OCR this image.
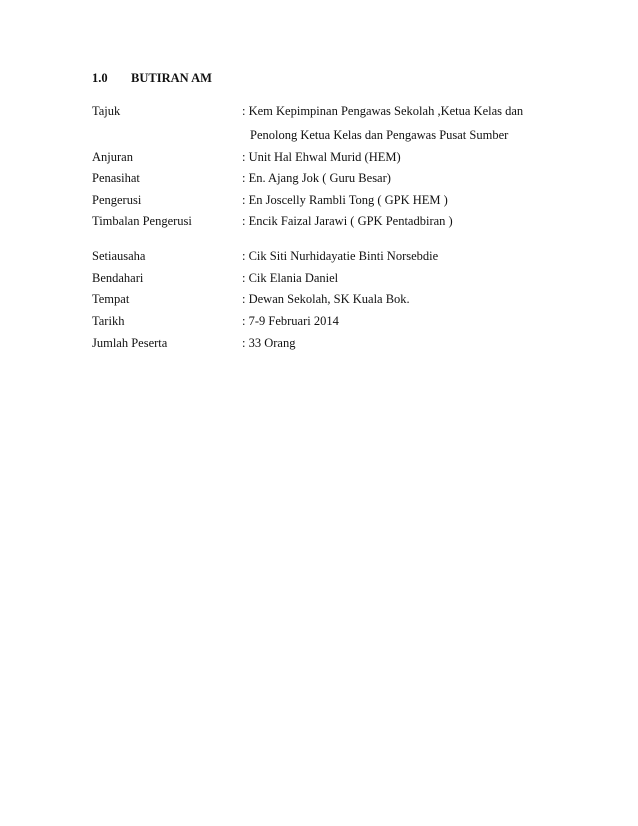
1.0 BUTIRAN AM
Tajuk	: Kem Kepimpinan Pengawas Sekolah ,Ketua Kelas dan
Penolong Ketua Kelas dan Pengawas Pusat Sumber
Anjuran	: Unit Hal Ehwal Murid (HEM)
Penasihat	: En. Ajang Jok ( Guru Besar)
Pengerusi	: En Joscelly Rambli Tong ( GPK HEM )
Timbalan Pengerusi	: Encik Faizal Jarawi ( GPK Pentadbiran )
Setiausaha	: Cik Siti Nurhidayatie Binti Norsebdie
Bendahari	: Cik Elania Daniel
Tempat	: Dewan Sekolah, SK Kuala Bok.
Tarikh	: 7-9 Februari 2014
Jumlah Peserta	: 33 Orang
